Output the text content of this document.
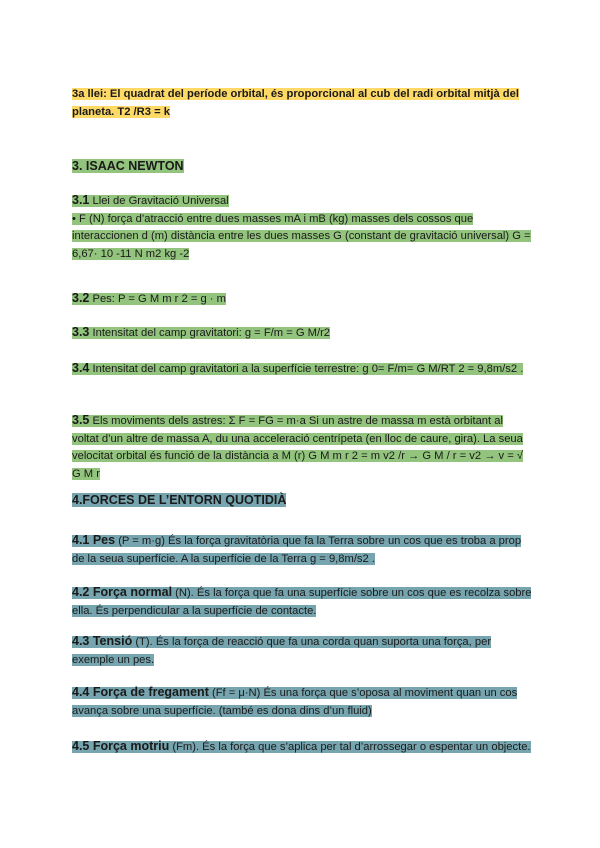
3a llei: El quadrat del període orbital, és proporcional al cub del radi orbital mitjà del planeta. T2 /R3 = k
3. ISAAC NEWTON
3.1 Llei de Gravitació Universal
• F (N) força d’atracció entre dues masses mA i mB (kg) masses dels cossos que interaccionen d (m) distància entre les dues masses G (constant de gravitació universal) G = 6,67· 10 -11 N m2 kg -2
3.2 Pes: P = G M m r 2 = g · m
3.3 Intensitat del camp gravitatori: g = F/m = G M/r2
3.4 Intensitat del camp gravitatori a la superfície terrestre: g 0= F/m= G M/RT 2 = 9,8m/s2 .
3.5 Els moviments dels astres: Σ F = FG = m·a Si un astre de massa m està orbitant al voltat d’un altre de massa A, du una acceleració centrípeta (en lloc de caure, gira). La seua velocitat orbital és funció de la distància a M (r) G M m r 2 = m v2 /r → G M / r = v2 → v = √ G M r
4.FORCES DE L’ENTORN QUOTIDIÀ
4.1 Pes (P = m·g) És la força gravitatòria que fa la Terra sobre un cos que es troba a prop de la seua superfície. A la superfície de la Terra g = 9,8m/s2 .
4.2 Força normal (N). És la força que fa una superfície sobre un cos que es recolza sobre ella. És perpendicular a la superfície de contacte.
4.3 Tensió (T). És la força de reacció que fa una corda quan suporta una força, per exemple un pes.
4.4 Força de fregament (Ff = μ·N) És una força que s’oposa al moviment quan un cos avança sobre una superfície. (també es dona dins d’un fluid)
4.5 Força motriu (Fm). És la força que s’aplica per tal d’arrossegar o espentar un objecte.
